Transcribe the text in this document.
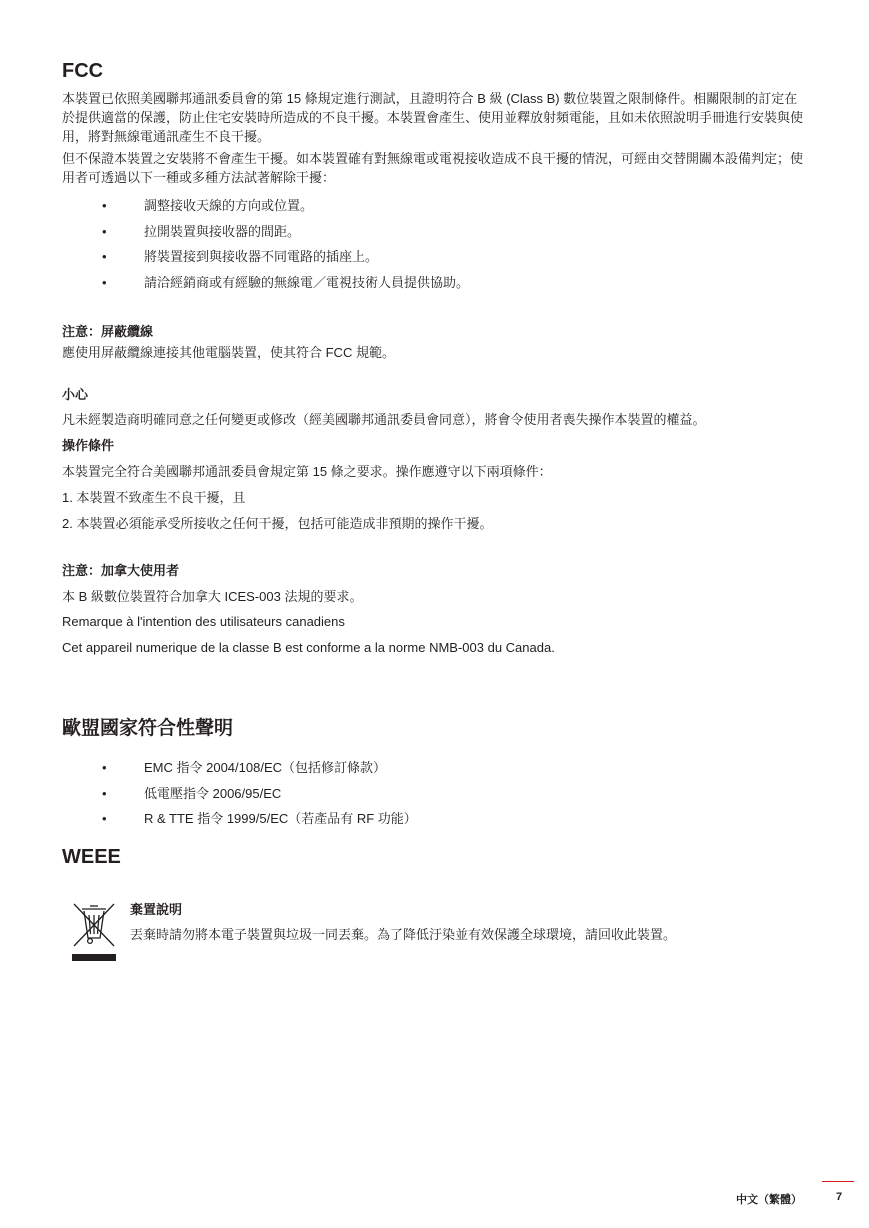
FCC

本裝置已依照美國聯邦通訊委員會的第 15 條規定進行測試，且證明符合 B 級 (Class B) 數位裝置之限制條件。相關限制的訂定在於提供適當的保護，防止住宅安裝時所造成的不良干擾。本裝置會產生、使用並釋放射頻電能，且如未依照說明手冊進行安裝與使用，將對無線電通訊產生不良干擾。

但不保證本裝置之安裝將不會產生干擾。如本裝置確有對無線電或電視接收造成不良干擾的情況，可經由交替開關本設備判定；使用者可透過以下一種或多種方法試著解除干擾：

•	調整接收天線的方向或位置。
•	拉開裝置與接收器的間距。
•	將裝置接到與接收器不同電路的插座上。
•	請洽經銷商或有經驗的無線電／電視技術人員提供協助。

注意：屏蔽纜線

應使用屏蔽纜線連接其他電腦裝置，使其符合 FCC 規範。

小心

凡未經製造商明確同意之任何變更或修改（經美國聯邦通訊委員會同意），將會令使用者喪失操作本裝置的權益。

操作條件

本裝置完全符合美國聯邦通訊委員會規定第 15 條之要求。操作應遵守以下兩項條件：

1. 本裝置不致產生不良干擾，且

2. 本裝置必須能承受所接收之任何干擾，包括可能造成非預期的操作干擾。

注意：加拿大使用者

本 B 級數位裝置符合加拿大 ICES-003 法規的要求。

Remarque à l'intention des utilisateurs canadiens

Cet appareil numerique de la classe B est conforme a la norme NMB-003 du Canada.

歐盟國家符合性聲明
•	EMC 指令 2004/108/EC（包括修訂條款）
•	低電壓指令 2006/95/EC
•	R & TTE 指令 1999/5/EC（若產品有 RF 功能）
WEEE

棄置說明

丟棄時請勿將本電子裝置與垃圾一同丟棄。為了降低汙染並有效保護全球環境，請回收此裝置。

中文（繁體）	7
